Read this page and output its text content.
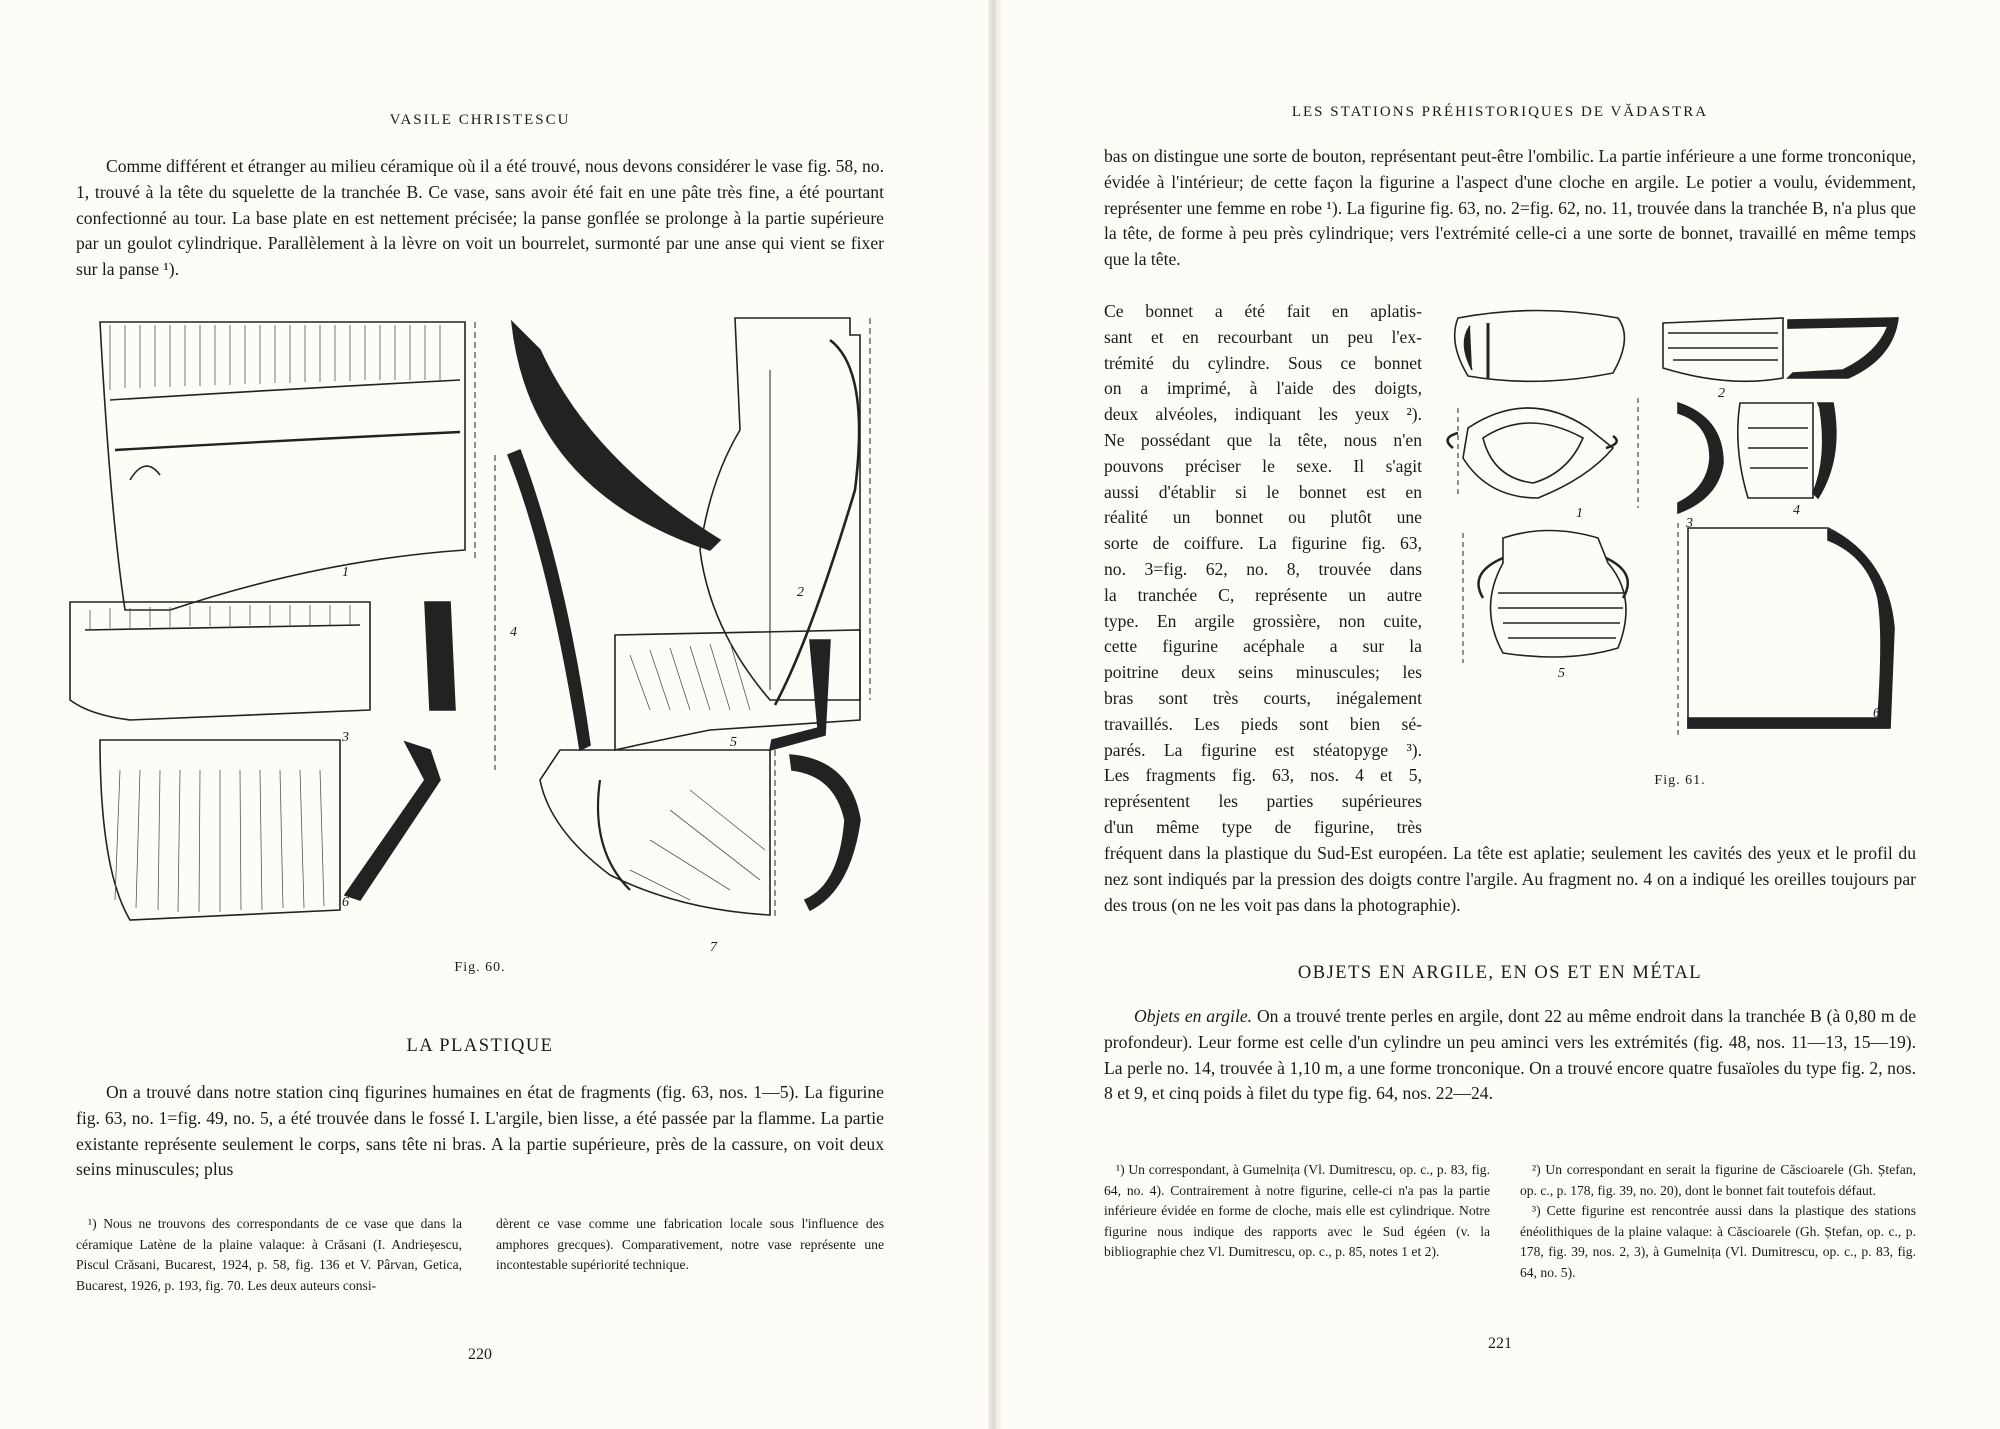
VASILE CHRISTESCU

Comme différent et étranger au milieu céramique où il a été trouvé, nous devons considérer le vase fig. 58, no. 1, trouvé à la tête du squelette de la tranchée B. Ce vase, sans avoir été fait en une pâte très fine, a été pourtant confectionné au tour. La base plate en est nettement précisée; la panse gonflée se prolonge à la partie supérieure par un goulot cylindrique. Parallèlement à la lèvre on voit un bourrelet, surmonté par une anse qui vient se fixer sur la panse ¹).

1
2
3
4
5
6
7
Fig. 60.
LA PLASTIQUE

On a trouvé dans notre station cinq figurines humaines en état de fragments (fig. 63, nos. 1—5). La figurine fig. 63, no. 1=fig. 49, no. 5, a été trouvée dans le fossé I. L'argile, bien lisse, a été passée par la flamme. La partie existante représente seulement le corps, sans tête ni bras. A la partie supérieure, près de la cassure, on voit deux seins minuscules; plus

¹) Nous ne trouvons des correspondants de ce vase que dans la céramique Latène de la plaine valaque: à Crăsani (I. Andrieșescu, Piscul Crăsani, Bucarest, 1924, p. 58, fig. 136 et V. Pârvan, Getica, Bucarest, 1926, p. 193, fig. 70. Les deux auteurs consi-

dèrent ce vase comme une fabrication locale sous l'influence des amphores grecques). Comparativement, notre vase représente une incontestable supériorité technique.

220
LES STATIONS PRÉHISTORIQUES DE VĂDASTRA

bas on distingue une sorte de bouton, représentant peut-être l'ombilic. La partie inférieure a une forme tronconique, évidée à l'intérieur; de cette façon la figurine a l'aspect d'une cloche en argile. Le potier a voulu, évidemment, représenter une femme en robe ¹). La figurine fig. 63, no. 2=fig. 62, no. 11, trouvée dans la tranchée B, n'a plus que la tête, de forme à peu près cylindrique; vers l'extrémité celle-ci a une sorte de bonnet, travaillé en même temps que la tête.

Ce bonnet a été fait en aplatis-
sant et en recourbant un peu l'ex-
trémité du cylindre. Sous ce bonnet
on a imprimé, à l'aide des doigts,
deux alvéoles, indiquant les yeux ²).
Ne possédant que la tête, nous n'en
pouvons préciser le sexe. Il s'agit
aussi d'établir si le bonnet est en
réalité un bonnet ou plutôt une
sorte de coiffure. La figurine fig. 63,
no. 3=fig. 62, no. 8, trouvée dans
la tranchée C, représente un autre
type. En argile grossière, non cuite,
cette figurine acéphale a sur la
poitrine deux seins minuscules; les
bras sont très courts, inégalement
travaillés. Les pieds sont bien sé-
parés. La figurine est stéatopyge ³).
Les fragments fig. 63, nos. 4 et 5,
représentent les parties supérieures
d'un même type de figurine, très
1
2
3
4
5
6
Fig. 61.

fréquent dans la plastique du Sud-Est européen. La tête est aplatie; seulement les cavités des yeux et le profil du nez sont indiqués par la pression des doigts contre l'argile. Au fragment no. 4 on a indiqué les oreilles toujours par des trous (on ne les voit pas dans la photographie).

OBJETS EN ARGILE, EN OS ET EN MÉTAL

Objets en argile. On a trouvé trente perles en argile, dont 22 au même endroit dans la tranchée B (à 0,80 m de profondeur). Leur forme est celle d'un cylindre un peu aminci vers les extrémités (fig. 48, nos. 11—13, 15—19). La perle no. 14, trouvée à 1,10 m, a une forme tronconique. On a trouvé encore quatre fusaïoles du type fig. 2, nos. 8 et 9, et cinq poids à filet du type fig. 64, nos. 22—24.

¹) Un correspondant, à Gumelnița (Vl. Dumitrescu, op. c., p. 83, fig. 64, no. 4). Contrairement à notre figurine, celle-ci n'a pas la partie inférieure évidée en forme de cloche, mais elle est cylindrique. Notre figurine nous indique des rapports avec le Sud égéen (v. la bibliographie chez Vl. Dumitrescu, op. c., p. 85, notes 1 et 2).

²) Un correspondant en serait la figurine de Căscioarele (Gh. Ștefan, op. c., p. 178, fig. 39, no. 20), dont le bonnet fait toutefois défaut.

³) Cette figurine est rencontrée aussi dans la plastique des stations énéolithiques de la plaine valaque: à Căscioarele (Gh. Ștefan, op. c., p. 178, fig. 39, nos. 2, 3), à Gumelnița (Vl. Dumitrescu, op. c., p. 83, fig. 64, no. 5).

221
